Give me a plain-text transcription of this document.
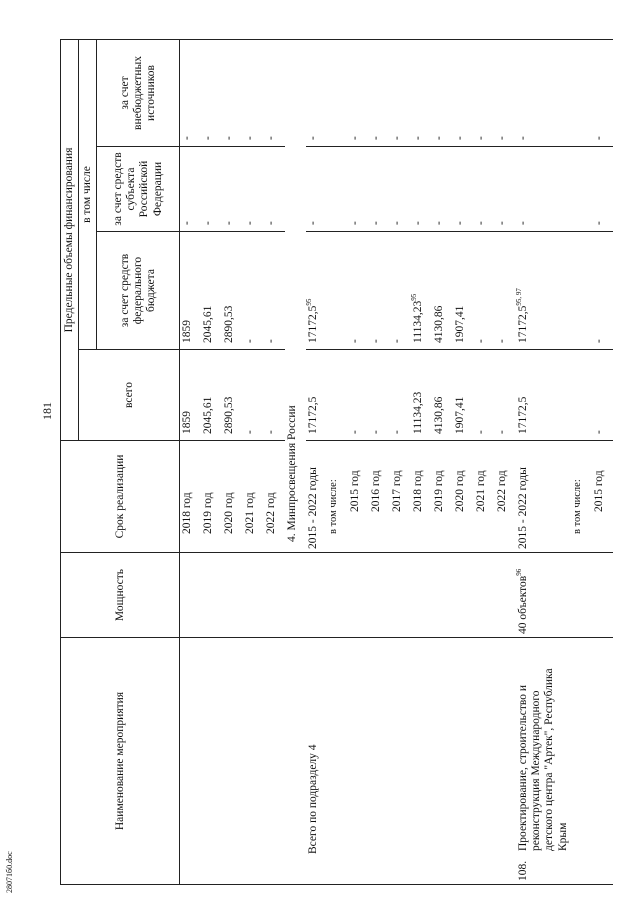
181
28071б0.doc
Наименование мероприятия	Мощность	Срок реализации	Предельные объемы финансирования			
			всего	в том числе		
				за счет средств федерального бюджета	за счет средств субъекта Российской Федерации	за счет внебюджетных источников
		2018 год	1859	1859	-	-
		2019 год	2045,61	2045,61	-	-
		2020 год	2890,53	2890,53	-	-
		2021 год	-	-	-	-
		2022 год	-	-	-	-
		4. Минпросвещения России				
Всего по подразделу 4		2015 - 2022 годы	17172,5	17172,5$^{95}$	-	-
		в том числе:				
		2015 год	-	-	-	-
		2016 год	-	-	-	-
		2017 год	-	-	-	-
		2018 год	11134,23	11134,23$^{95}$	-	-
		2019 год	4130,86	4130,86	-	-
		2020 год	1907,41	1907,41	-	-
		2021 год	-	-	-	-
		2022 год	-	-	-	-
108.Проектирование, строительство и реконструкция Международного детского центра "Артек", Республика Крым	40 объектов$^{96}$	2015 - 2022 годы	17172,5	17172,5$^{95, 97}$	-	-
		в том числе:				
		2015 год	-	-	-	-
